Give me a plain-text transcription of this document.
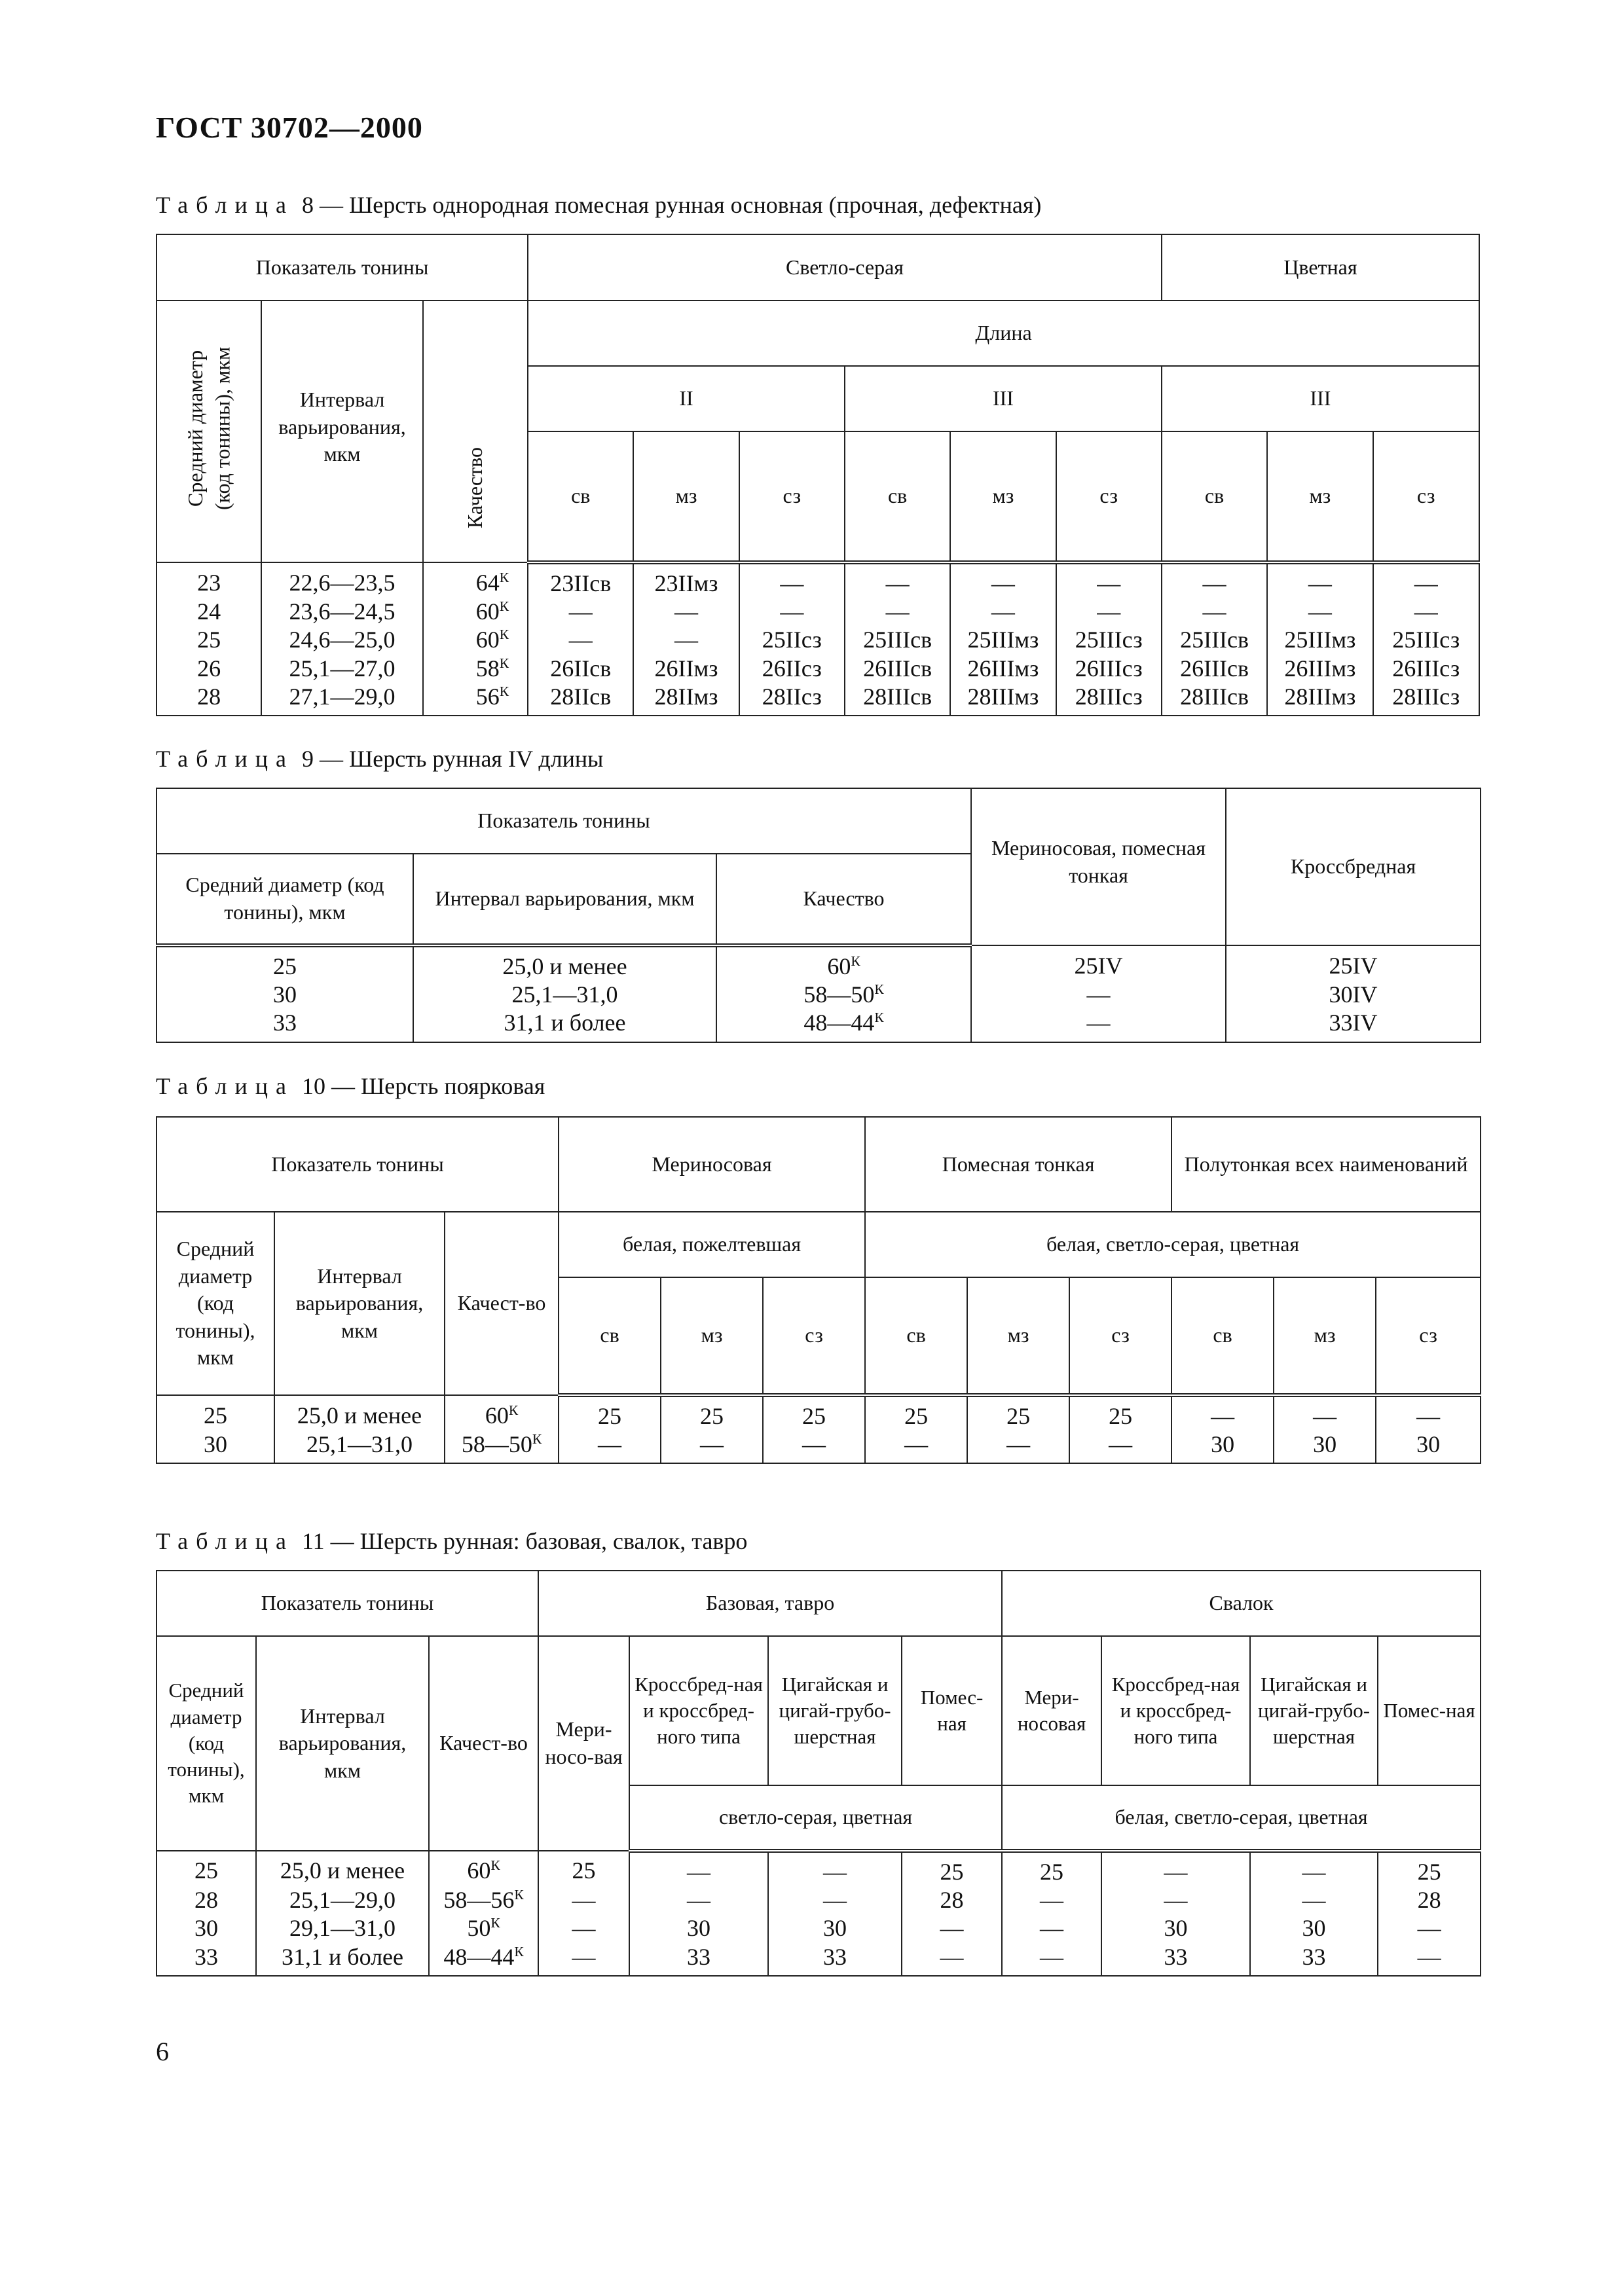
ГОСТ 30702—2000
Таблица 8 — Шерсть однородная помесная рунная основная (прочная, дефектная)
Показатель тонины			Светло-серая						Цветная		
Средний диаметр (код тонины), мкм	Интервал варьирования, мкм	Качество	Длина								
			II			III			III		
			св	мз	сз	св	мз	сз	св	мз	сз
23	22,6—23,5	$64^К$	23IIсв	23IIмз	—	—	—	—	—	—	—
24	23,6—24,5	$60^К$	—	—	—	—	—	—	—	—	—
25	24,6—25,0	$60^К$	—	—	25IIсз	25IIIсв	25IIIмз	25IIIсз	25IIIсв	25IIIмз	25IIIсз
26	25,1—27,0	$58^К$	26IIсв	26IIмз	26IIсз	26IIIсв	26IIIмз	26IIIсз	26IIIсв	26IIIмз	26IIIсз
28	27,1—29,0	$56^К$	28IIсв	28IIмз	28IIсз	28IIIсв	28IIIмз	28IIIсз	28IIIсв	28IIIмз	28IIIсз
Таблица 9 — Шерсть рунная IV длины
Показатель тонины			Мериносовая, помесная тонкая	Кроссбредная
Средний диаметр (код тонины), мкм	Интервал варьирования, мкм	Качество		
25	25,0 и менее	$60^К$	25IV	25IV
30	25,1—31,0	$58—50^К$	—	30IV
33	31,1 и более	$48—44^К$	—	33IV
Таблица 10 — Шерсть поярковая
Показатель тонины			Мериносовая			Помесная тонкая			Полутонкая всех наименований		
Средний диаметр (код тонины), мкм	Интервал варьирования, мкм	Качест-во	белая, пожелтевшая			белая, светло-серая, цветная					
			св	мз	сз	св	мз	сз	св	мз	сз
25	25,0 и менее	$60^К$	25	25	25	25	25	25	—	—	—
30	25,1—31,0	$58—50^К$	—	—	—	—	—	—	30	30	30
Таблица 11 — Шерсть рунная: базовая, свалок, тавро
Показатель тонины			Базовая, тавро				Свалок			
Средний диаметр (код тонины), мкм	Интервал варьирования, мкм	Качест-во	Мери-носо-вая	Кроссбред-ная и кроссбред-ного типа	Цигайская и цигай-грубо-шерстная	Помес-ная	Мери-носовая	Кроссбред-ная и кроссбред-ного типа	Цигайская и цигай-грубо-шерстная	Помес-ная
				светло-серая, цветная			белая, светло-серая, цветная			
25	25,0 и менее	$60^К$	25	—	—	25	25	—	—	25
28	25,1—29,0	$58—56^К$	—	—	—	28	—	—	—	28
30	29,1—31,0	$50^К$	—	30	30	—	—	30	30	—
33	31,1 и более	$48—44^К$	—	33	33	—	—	33	33	—
6
